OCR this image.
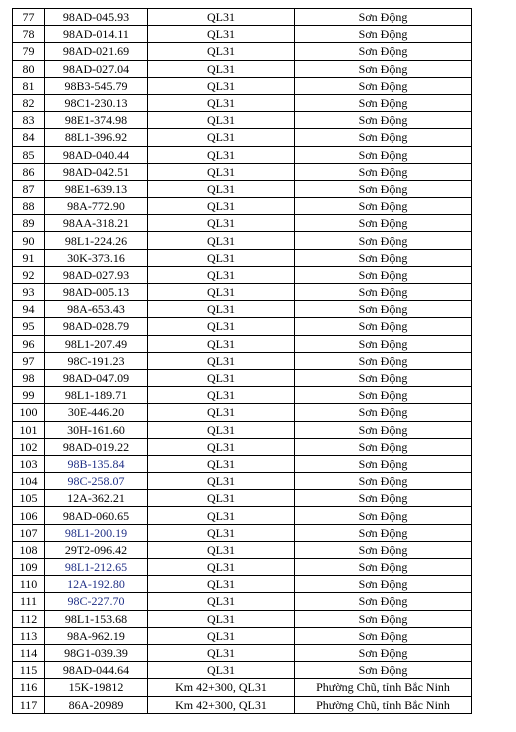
77	98AD-045.93	QL31	Sơn Động
78	98AD-014.11	QL31	Sơn Động
79	98AD-021.69	QL31	Sơn Động
80	98AD-027.04	QL31	Sơn Động
81	98B3-545.79	QL31	Sơn Động
82	98C1-230.13	QL31	Sơn Động
83	98E1-374.98	QL31	Sơn Động
84	88L1-396.92	QL31	Sơn Động
85	98AD-040.44	QL31	Sơn Động
86	98AD-042.51	QL31	Sơn Động
87	98E1-639.13	QL31	Sơn Động
88	98A-772.90	QL31	Sơn Động
89	98AA-318.21	QL31	Sơn Động
90	98L1-224.26	QL31	Sơn Động
91	30K-373.16	QL31	Sơn Động
92	98AD-027.93	QL31	Sơn Động
93	98AD-005.13	QL31	Sơn Động
94	98A-653.43	QL31	Sơn Động
95	98AD-028.79	QL31	Sơn Động
96	98L1-207.49	QL31	Sơn Động
97	98C-191.23	QL31	Sơn Động
98	98AD-047.09	QL31	Sơn Động
99	98L1-189.71	QL31	Sơn Động
100	30E-446.20	QL31	Sơn Động
101	30H-161.60	QL31	Sơn Động
102	98AD-019.22	QL31	Sơn Động
103	98B-135.84	QL31	Sơn Động
104	98C-258.07	QL31	Sơn Động
105	12A-362.21	QL31	Sơn Động
106	98AD-060.65	QL31	Sơn Động
107	98L1-200.19	QL31	Sơn Động
108	29T2-096.42	QL31	Sơn Động
109	98L1-212.65	QL31	Sơn Động
110	12A-192.80	QL31	Sơn Động
111	98C-227.70	QL31	Sơn Động
112	98L1-153.68	QL31	Sơn Động
113	98A-962.19	QL31	Sơn Động
114	98G1-039.39	QL31	Sơn Động
115	98AD-044.64	QL31	Sơn Động
116	15K-19812	Km 42+300, QL31	Phường Chũ, tỉnh Bắc Ninh
117	86A-20989	Km 42+300, QL31	Phường Chũ, tỉnh Bắc Ninh
